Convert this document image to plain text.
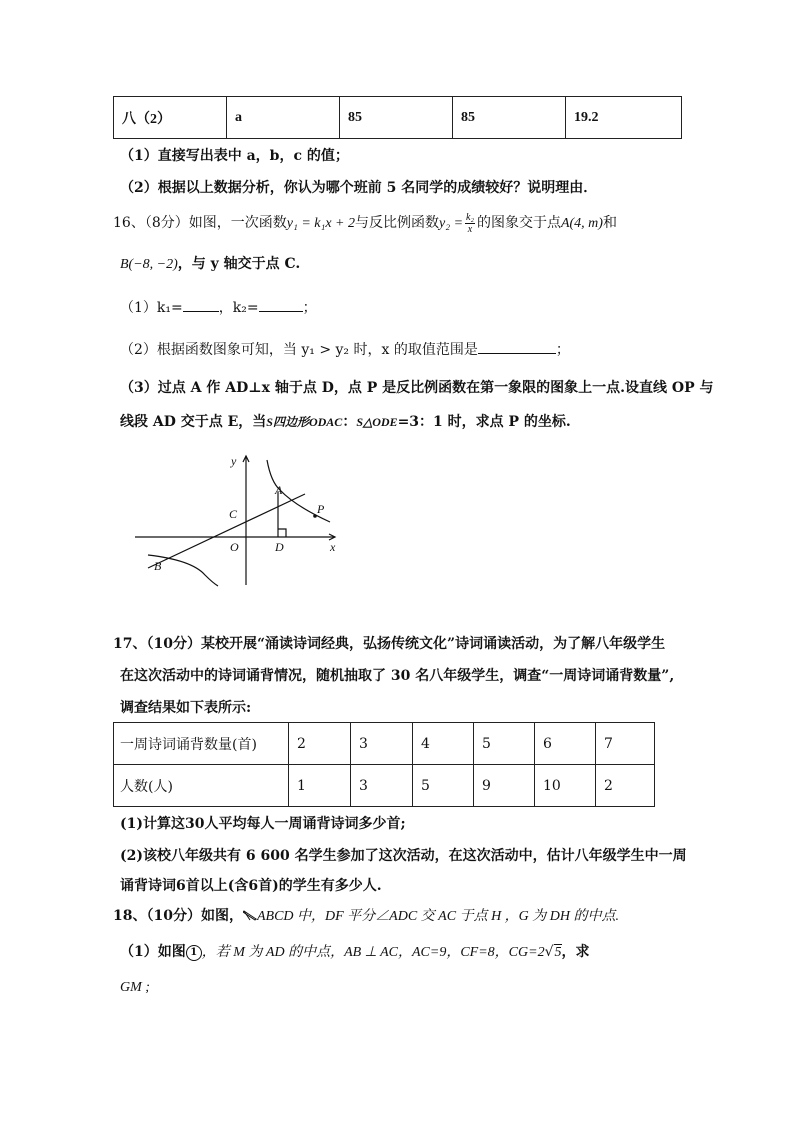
八（2）	a	85	85	19.2
（1）直接写出表中 a，b，c 的值；
（2）根据以上数据分析，你认为哪个班前 5 名同学的成绩较好？说明理由．
16、（8分）如图，一次函数y₁ = k₁x + 2与反比例函数$y_2 = \frac{\text{k₂}}{x}$ 的图象交于点A(4, m)和
B(−8, −2)，与 y 轴交于点 C.
（1）k₁=	，k₂=	；
（2）根据函数图象可知，当 y₁ > y₂ 时，x 的取值范围是	；
（3）过点 A 作 AD⊥x 轴于点 D，点 P 是反比例函数在第一象限的图象上一点.设直线 OP 与
线段 AD 交于点 E，当S四边形ODAC：S△ODE=3：1 时，求点 P 的坐标.
y
x
O
A
B
C
D
P
17、（10分）某校开展“涌读诗词经典，弘扬传统文化”诗词诵读活动，为了解八年级学生
在这次活动中的诗词诵背情况，随机抽取了 30 名八年级学生，调查“一周诗词诵背数量”,
调查结果如下表所示:
一周诗词诵背数量(首)	2	3	4	5	6	7
人数(人)	1	3	5	9	10	2
(1)计算这30人平均每人一周诵背诗词多少首;
(2)该校八年级共有 6 600 名学生参加了这次活动，在这次活动中，估计八年级学生中一周
诵背诗词6首以上(含6首)的学生有多少人.
18、（10分）如图， ABCD 中，DF 平分∠ADC 交 AC 于点 H ，G 为 DH 的中点.
（1）如图 1 ，若 M 为 AD 的中点，AB ⊥ AC，AC=9，CF=8，CG=2√5，求
GM ;
